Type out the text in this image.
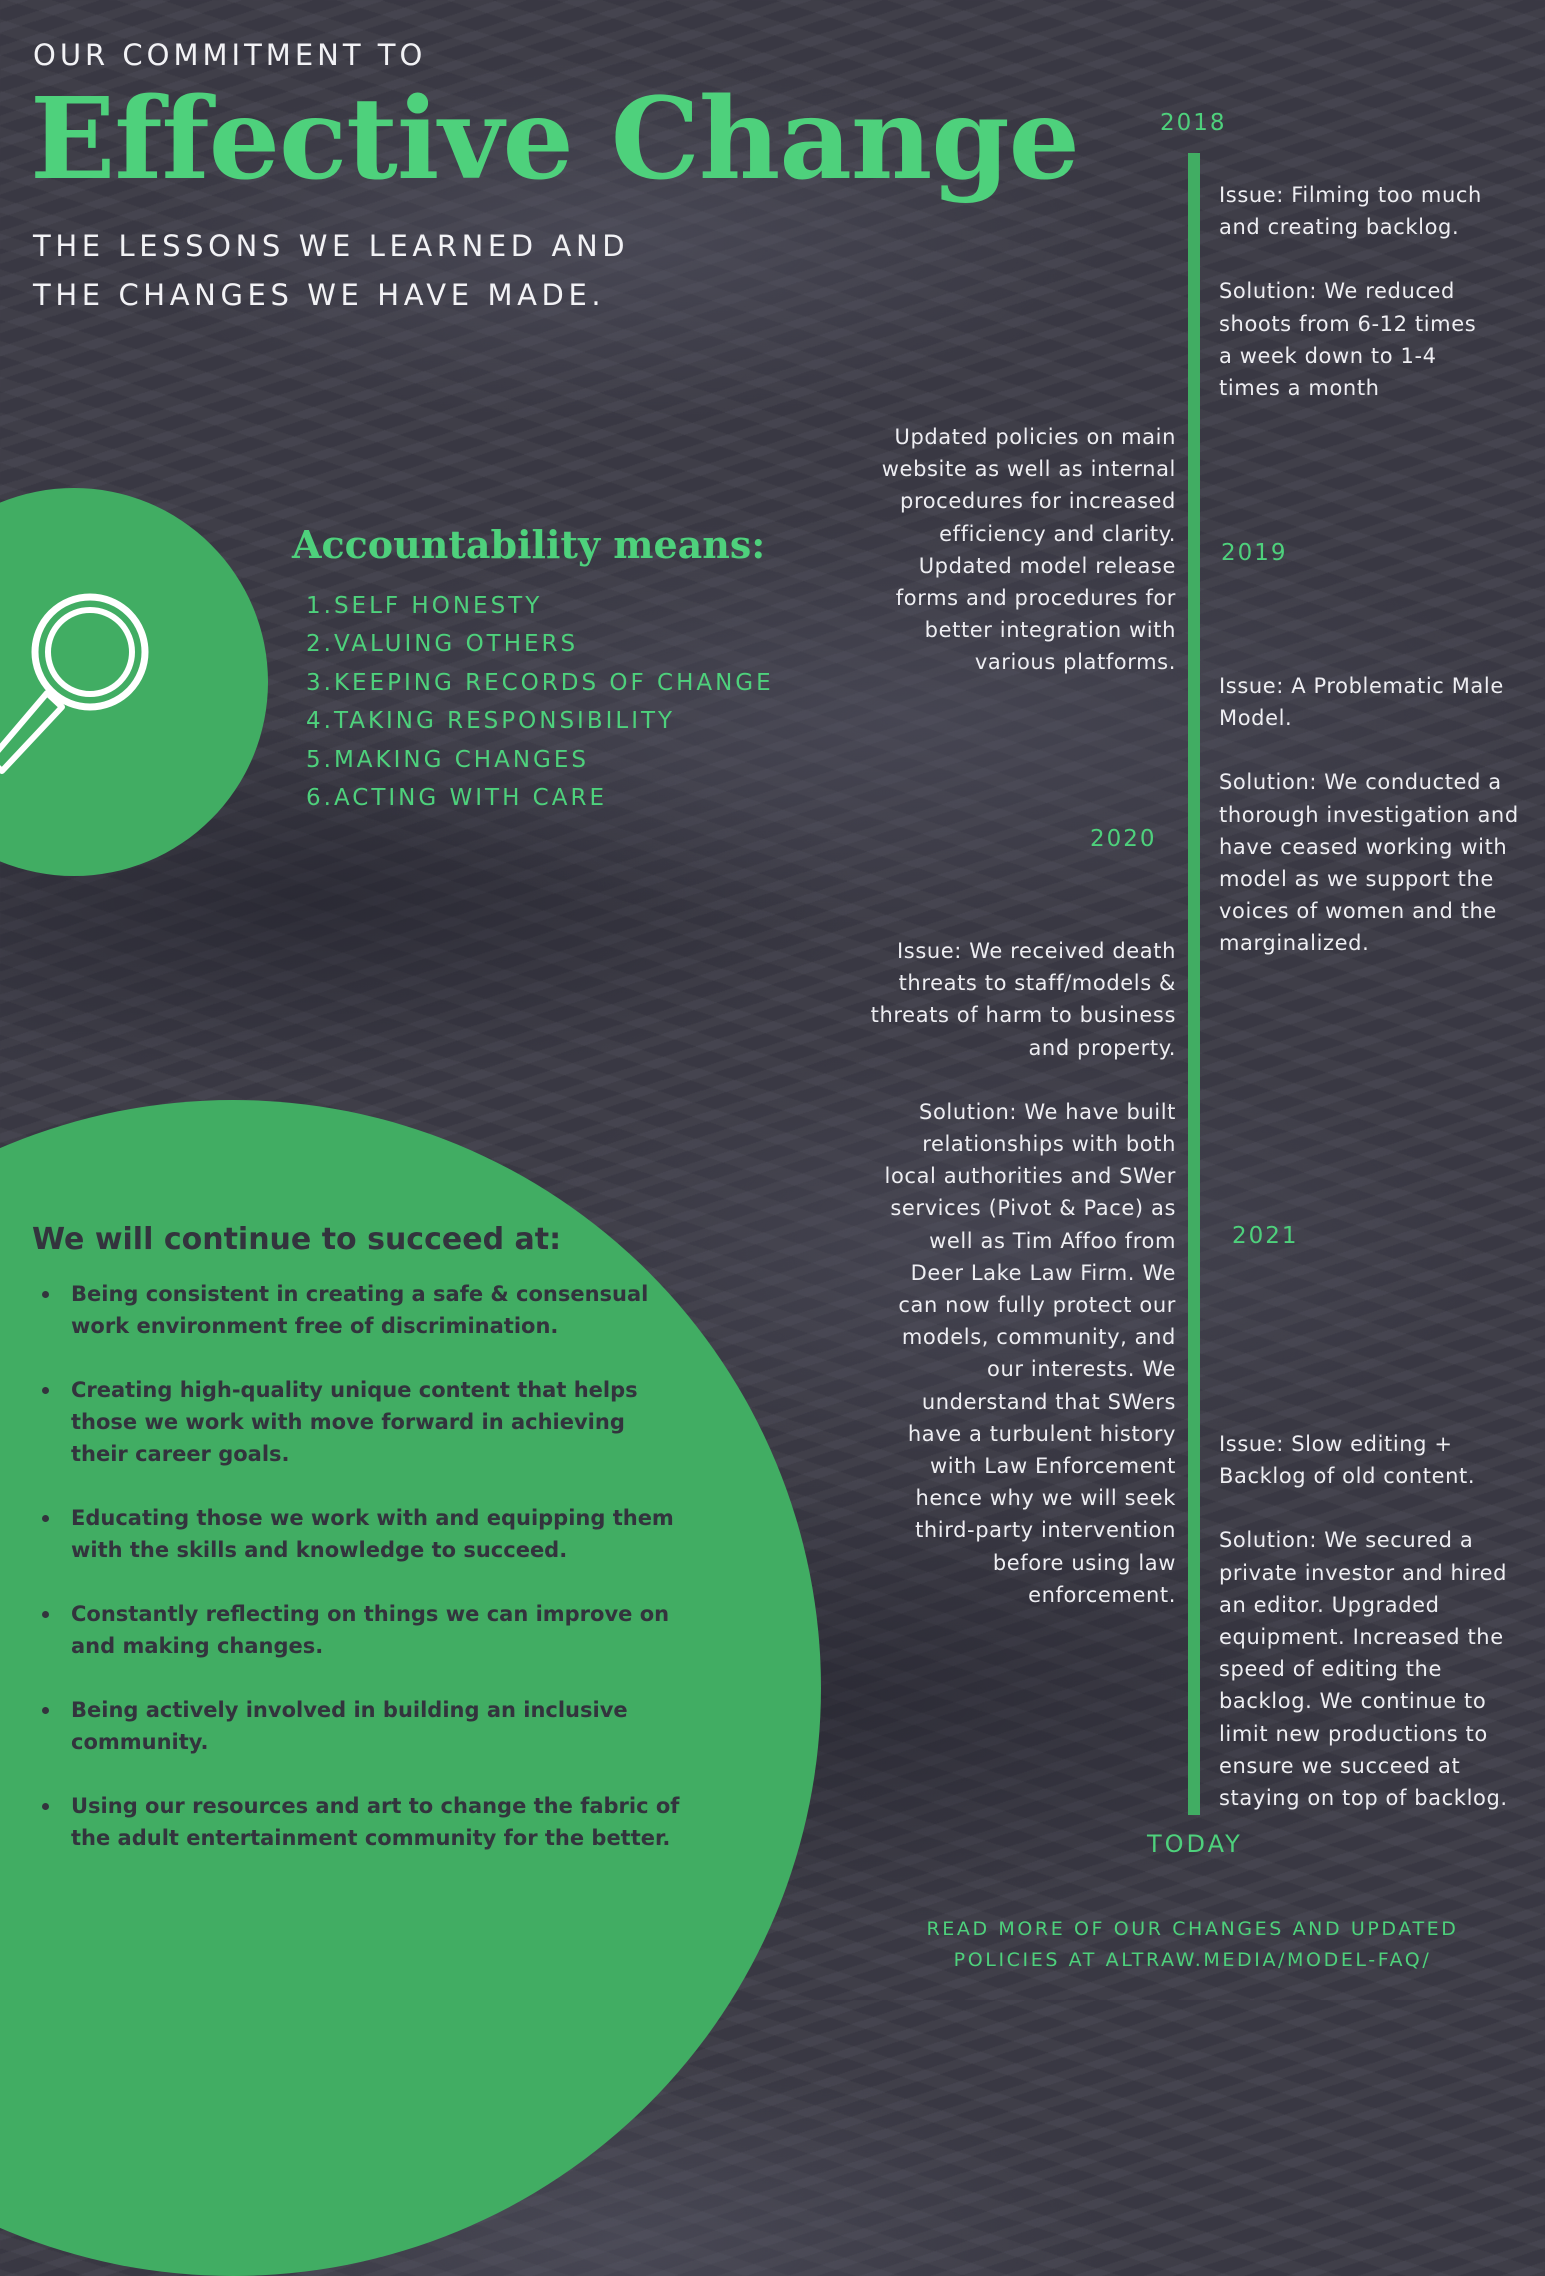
OUR COMMITMENT TO
Effective Change
THE LESSONS WE LEARNED AND
THE CHANGES WE HAVE MADE.
Accountability means:
1.SELF HONESTY
2.VALUING OTHERS
3.KEEPING RECORDS OF CHANGE
4.TAKING RESPONSIBILITY
5.MAKING CHANGES
6.ACTING WITH CARE
We will continue to succeed at:
Being consistent in creating a safe & consensual work environment free of discrimination.
Creating high-quality unique content that helps those we work with move forward in achieving their career goals.
Educating those we work with and equipping them with the skills and knowledge to succeed.
Constantly reflecting on things we can improve on and making changes.
Being actively involved in building an inclusive community.
Using our resources and art to change the fabric of the adult entertainment community for the better.
2018
2019
2020
2021
TODAY

Issue: Filming too much
and creating backlog.

Solution: We reduced
shoots from 6-12 times
a week down to 1-4
times a month

Updated policies on main
website as well as internal
procedures for increased
efficiency and clarity.
Updated model release
forms and procedures for
better integration with
various platforms.

Issue: A Problematic Male
Model.

Solution: We conducted a
thorough investigation and
have ceased working with
model as we support the
voices of women and the
marginalized.

Issue: We received death
threats to staff/models &
threats of harm to business
and property.

Solution: We have built
relationships with both
local authorities and SWer
services (Pivot & Pace) as
well as Tim Affoo from
Deer Lake Law Firm. We
can now fully protect our
models, community, and
our interests. We
understand that SWers
have a turbulent history
with Law Enforcement
hence why we will seek
third-party intervention
before using law
enforcement.

Issue: Slow editing +
Backlog of old content.

Solution: We secured a
private investor and hired
an editor. Upgraded
equipment. Increased the
speed of editing the
backlog. We continue to
limit new productions to
ensure we succeed at
staying on top of backlog.

READ MORE OF OUR CHANGES AND UPDATED
POLICIES AT ALTRAW.MEDIA/MODEL-FAQ/
